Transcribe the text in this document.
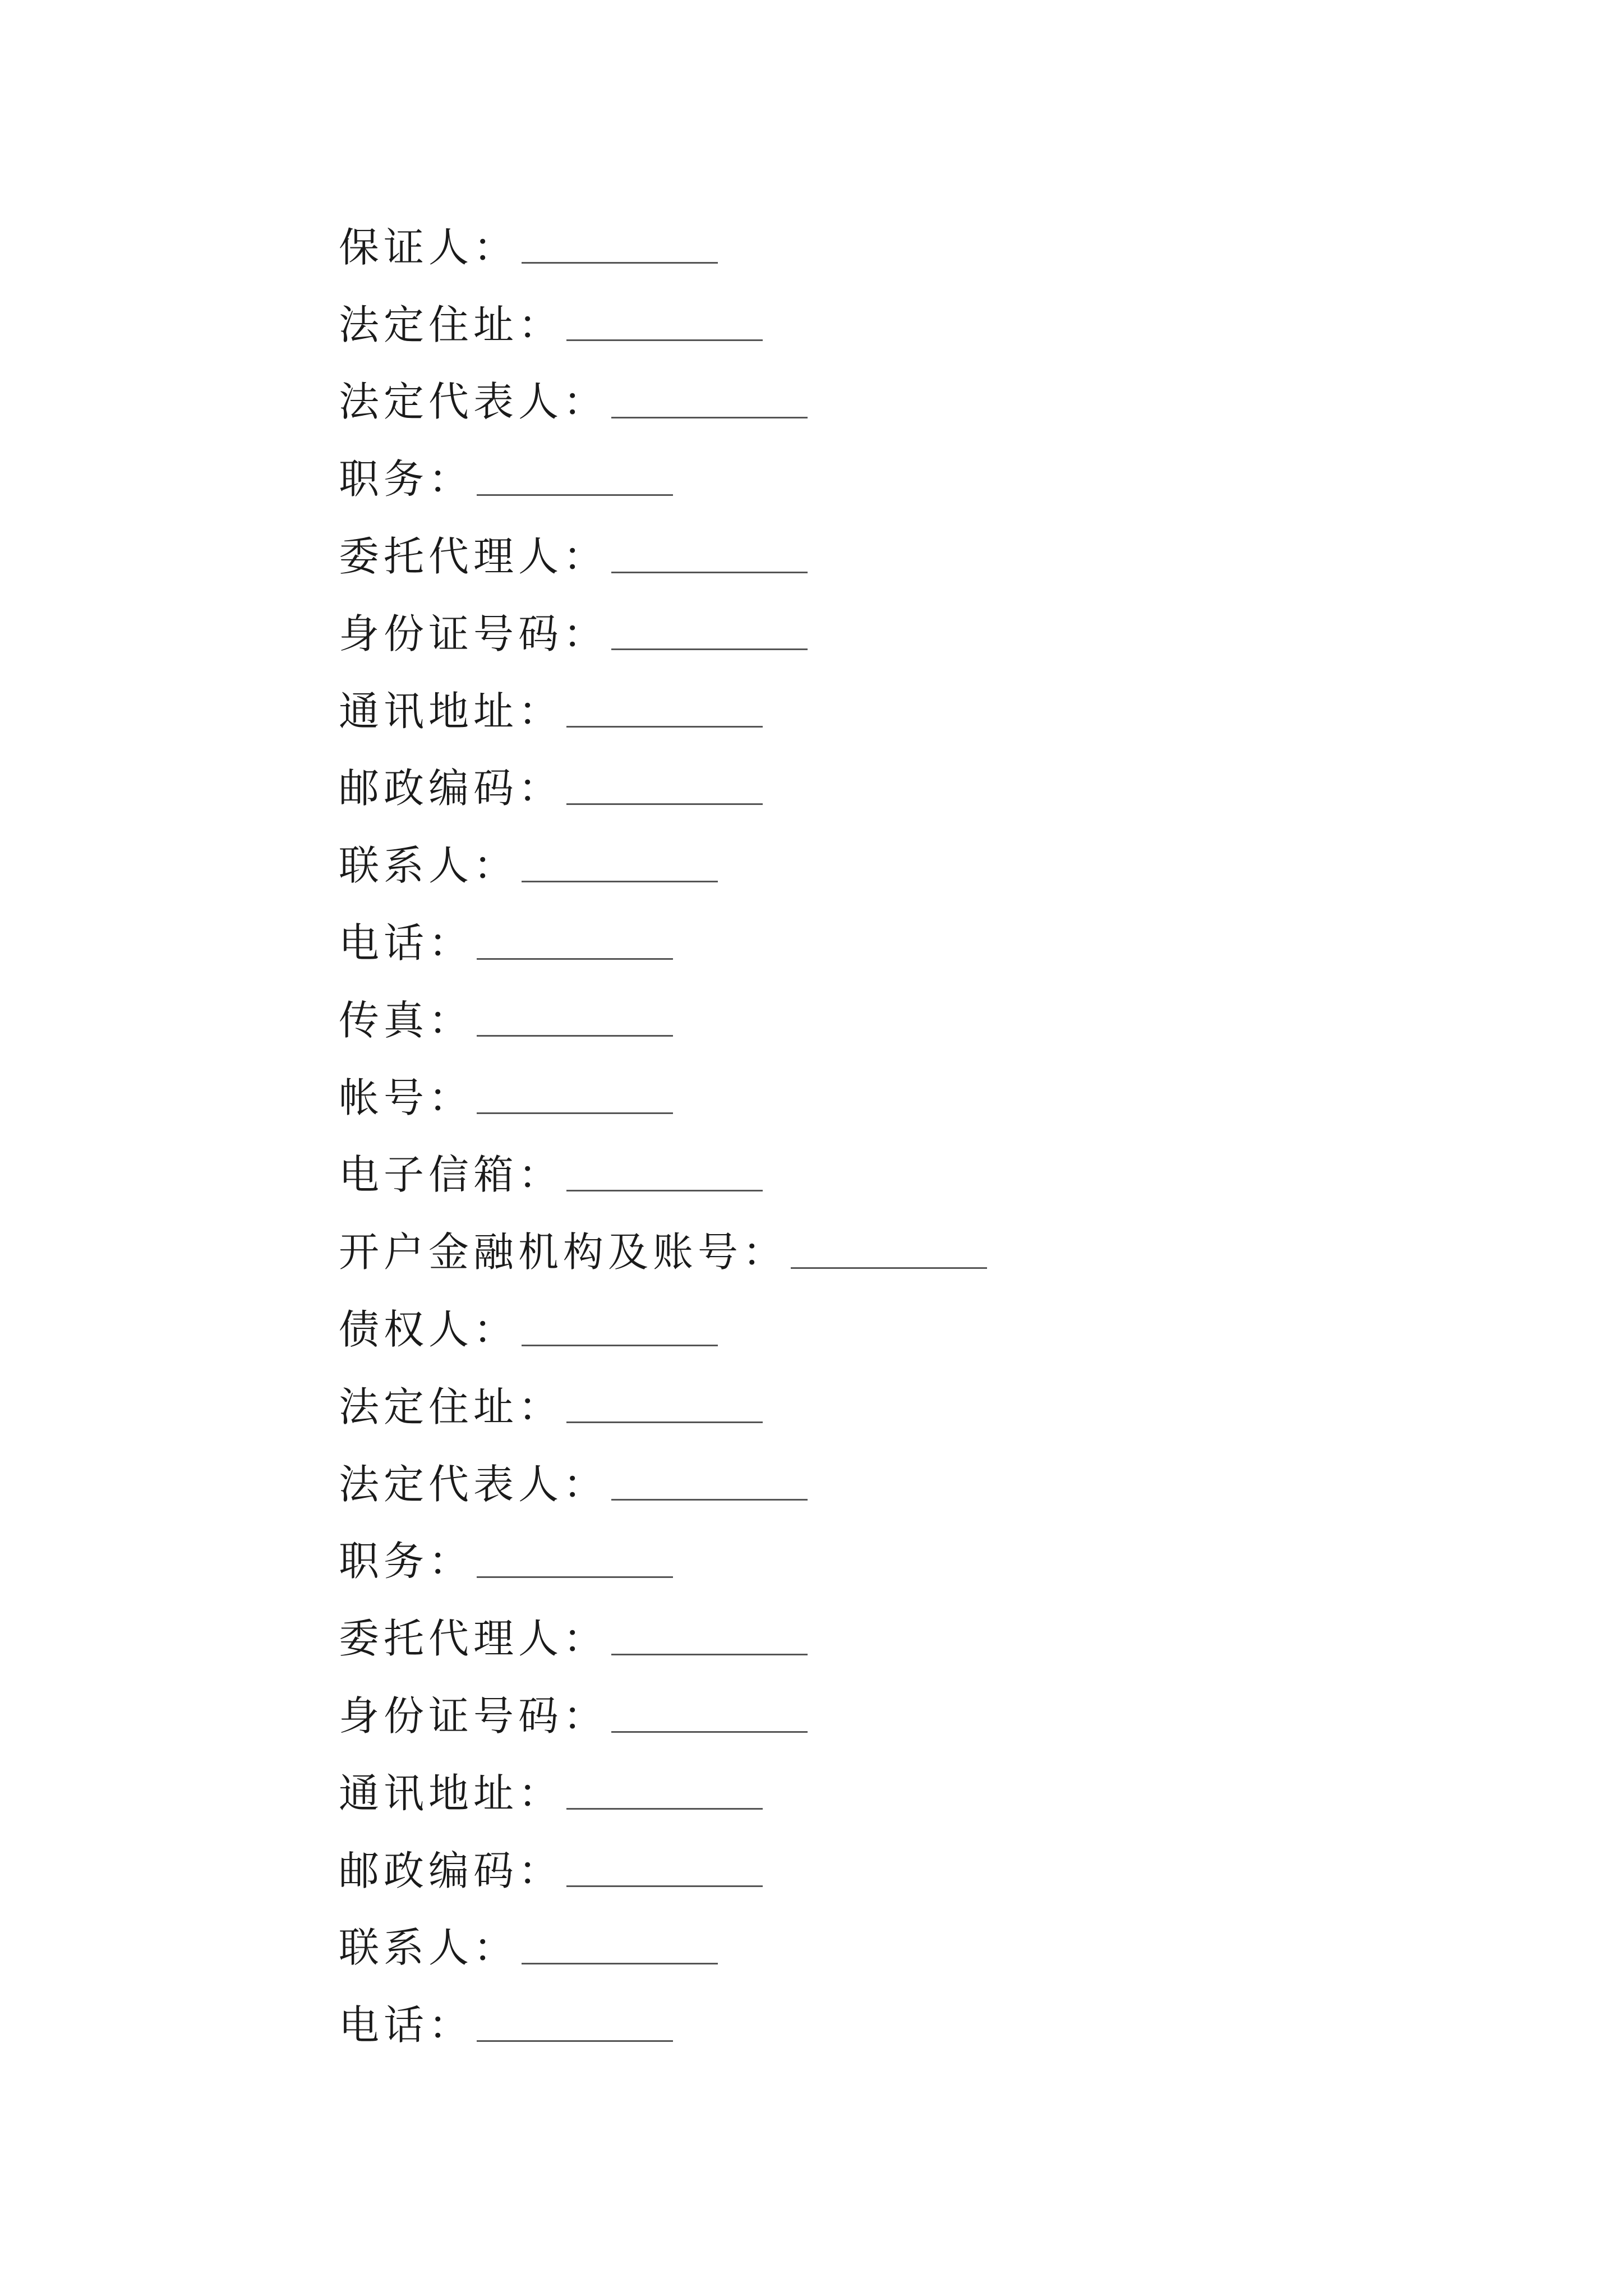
保证人：
法定住址：
法定代表人：
职务：
委托代理人：
身份证号码：
通讯地址：
邮政编码：
联系人：
电话：
传真：
帐号：
电子信箱：
开户金融机构及账号：
债权人：
法定住址：
法定代表人：
职务：
委托代理人：
身份证号码：
通讯地址：
邮政编码：
联系人：
电话：
